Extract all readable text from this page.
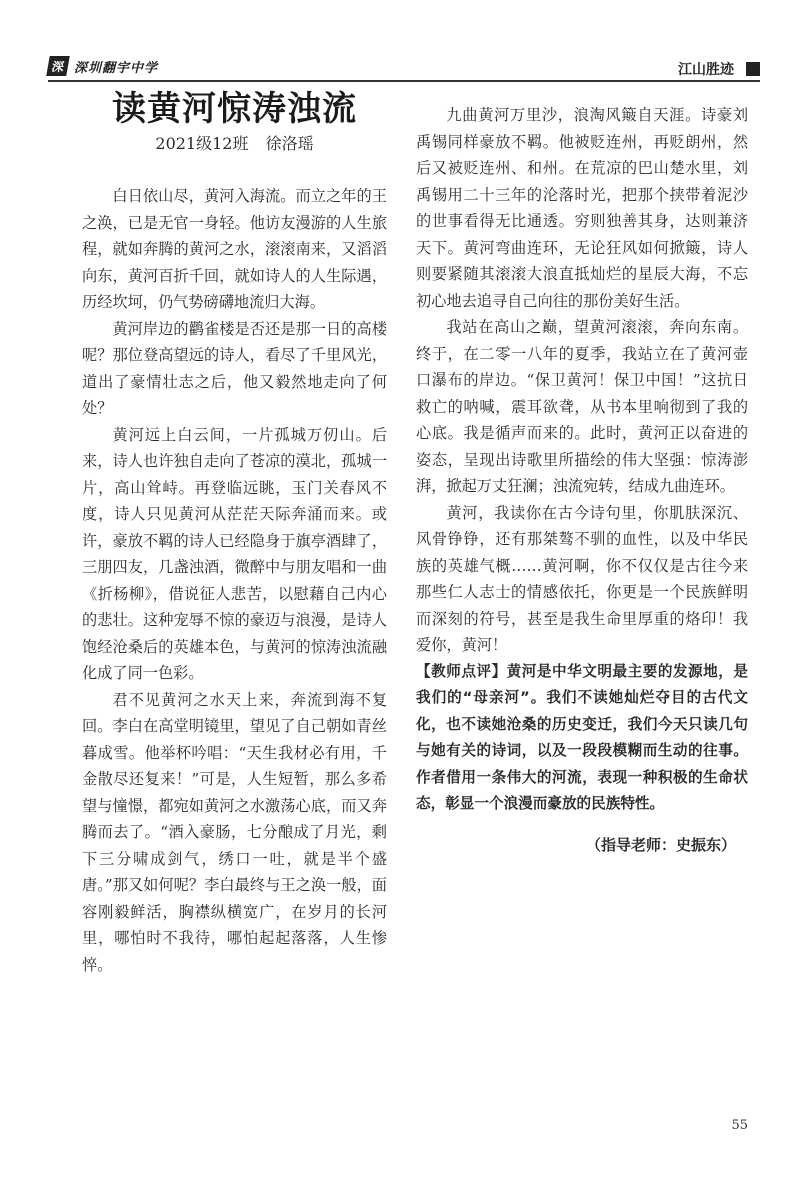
深 深圳翻宇中学	江山胜迹
读黄河惊涛浊流
2021级12班 徐洛瑶

白日依山尽，黄河入海流。而立之年的王之涣，已是无官一身轻。他访友漫游的人生旅程，就如奔腾的黄河之水，滚滚南来，又滔滔向东，黄河百折千回，就如诗人的人生际遇，历经坎坷，仍气势磅礴地流归大海。

黄河岸边的鹳雀楼是否还是那一日的高楼呢？那位登高望远的诗人，看尽了千里风光，道出了豪情壮志之后，他又毅然地走向了何处？

黄河远上白云间，一片孤城万仞山。后来，诗人也许独自走向了苍凉的漠北，孤城一片，高山耸峙。再登临远眺，玉门关春风不度，诗人只见黄河从茫茫天际奔涌而来。或许，豪放不羁的诗人已经隐身于旗亭酒肆了，三朋四友，几盏浊酒，微醉中与朋友唱和一曲《折杨柳》，借说征人悲苦，以慰藉自己内心的悲壮。这种宠辱不惊的豪迈与浪漫，是诗人饱经沧桑后的英雄本色，与黄河的惊涛浊流融化成了同一色彩。

君不见黄河之水天上来，奔流到海不复回。李白在高堂明镜里，望见了自己朝如青丝暮成雪。他举杯吟唱：“天生我材必有用，千金散尽还复来！”可是，人生短暂，那么多希望与憧憬，都宛如黄河之水激荡心底，而又奔腾而去了。“酒入豪肠，七分酿成了月光，剩下三分啸成剑气，绣口一吐，就是半个盛唐。”那又如何呢？李白最终与王之涣一般，面容刚毅鲜活，胸襟纵横宽广，在岁月的长河里，哪怕时不我待，哪怕起起落落，人生惨悴。

九曲黄河万里沙，浪淘风簸自天涯。诗豪刘禹锡同样豪放不羁。他被贬连州，再贬朗州，然后又被贬连州、和州。在荒凉的巴山楚水里，刘禹锡用二十三年的沦落时光，把那个挟带着泥沙的世事看得无比通透。穷则独善其身，达则兼济天下。黄河弯曲连环，无论狂风如何掀簸，诗人则要紧随其滚滚大浪直抵灿烂的星辰大海，不忘初心地去追寻自己向往的那份美好生活。

我站在高山之巅，望黄河滚滚，奔向东南。终于，在二零一八年的夏季，我站立在了黄河壶口瀑布的岸边。“保卫黄河！保卫中国！”这抗日救亡的呐喊，震耳欲聋，从书本里响彻到了我的心底。我是循声而来的。此时，黄河正以奋进的姿态，呈现出诗歌里所描绘的伟大坚强：惊涛澎湃，掀起万丈狂澜；浊流宛转，结成九曲连环。

黄河，我读你在古今诗句里，你肌肤深沉、风骨铮铮，还有那桀骜不驯的血性，以及中华民族的英雄气概……黄河啊，你不仅仅是古往今来那些仁人志士的情感依托，你更是一个民族鲜明而深刻的符号，甚至是我生命里厚重的烙印！我爱你，黄河！

【教师点评】黄河是中华文明最主要的发源地，是我们的“母亲河”。我们不读她灿烂夺目的古代文化，也不读她沧桑的历史变迁，我们今天只读几句与她有关的诗词，以及一段段模糊而生动的往事。作者借用一条伟大的河流，表现一种积极的生命状态，彰显一个浪漫而豪放的民族特性。

（指导老师：史振东）
55
